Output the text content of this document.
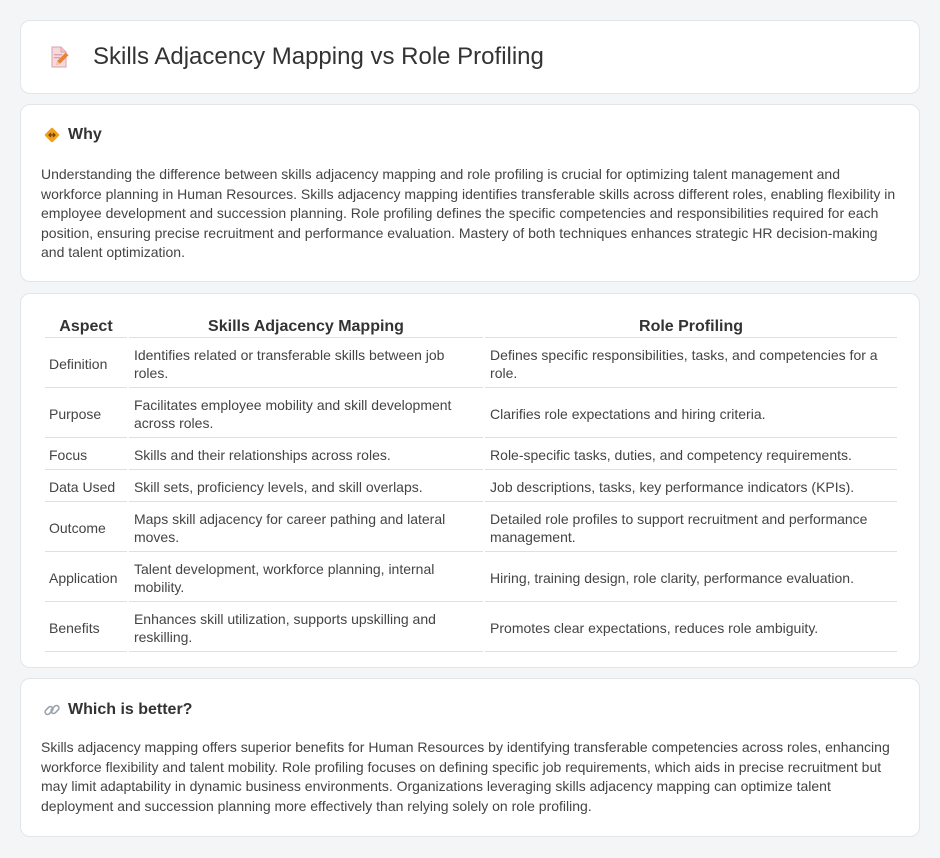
Skills Adjacency Mapping vs Role Profiling
Why

Understanding the difference between skills adjacency mapping and role profiling is crucial for optimizing talent management and workforce planning in Human Resources. Skills adjacency mapping identifies transferable skills across different roles, enabling flexibility in employee development and succession planning. Role profiling defines the specific competencies and responsibilities required for each position, ensuring precise recruitment and performance evaluation. Mastery of both techniques enhances strategic HR decision-making and talent optimization.

Aspect	Skills Adjacency Mapping	Role Profiling
Definition	Identifies related or transferable skills between job roles.	Defines specific responsibilities, tasks, and competencies for a role.
Purpose	Facilitates employee mobility and skill development across roles.	Clarifies role expectations and hiring criteria.
Focus	Skills and their relationships across roles.	Role-specific tasks, duties, and competency requirements.
Data Used	Skill sets, proficiency levels, and skill overlaps.	Job descriptions, tasks, key performance indicators (KPIs).
Outcome	Maps skill adjacency for career pathing and lateral moves.	Detailed role profiles to support recruitment and performance management.
Application	Talent development, workforce planning, internal mobility.	Hiring, training design, role clarity, performance evaluation.
Benefits	Enhances skill utilization, supports upskilling and reskilling.	Promotes clear expectations, reduces role ambiguity.
Which is better?

Skills adjacency mapping offers superior benefits for Human Resources by identifying transferable competencies across roles, enhancing workforce flexibility and talent mobility. Role profiling focuses on defining specific job requirements, which aids in precise recruitment but may limit adaptability in dynamic business environments. Organizations leveraging skills adjacency mapping can optimize talent deployment and succession planning more effectively than relying solely on role profiling.
